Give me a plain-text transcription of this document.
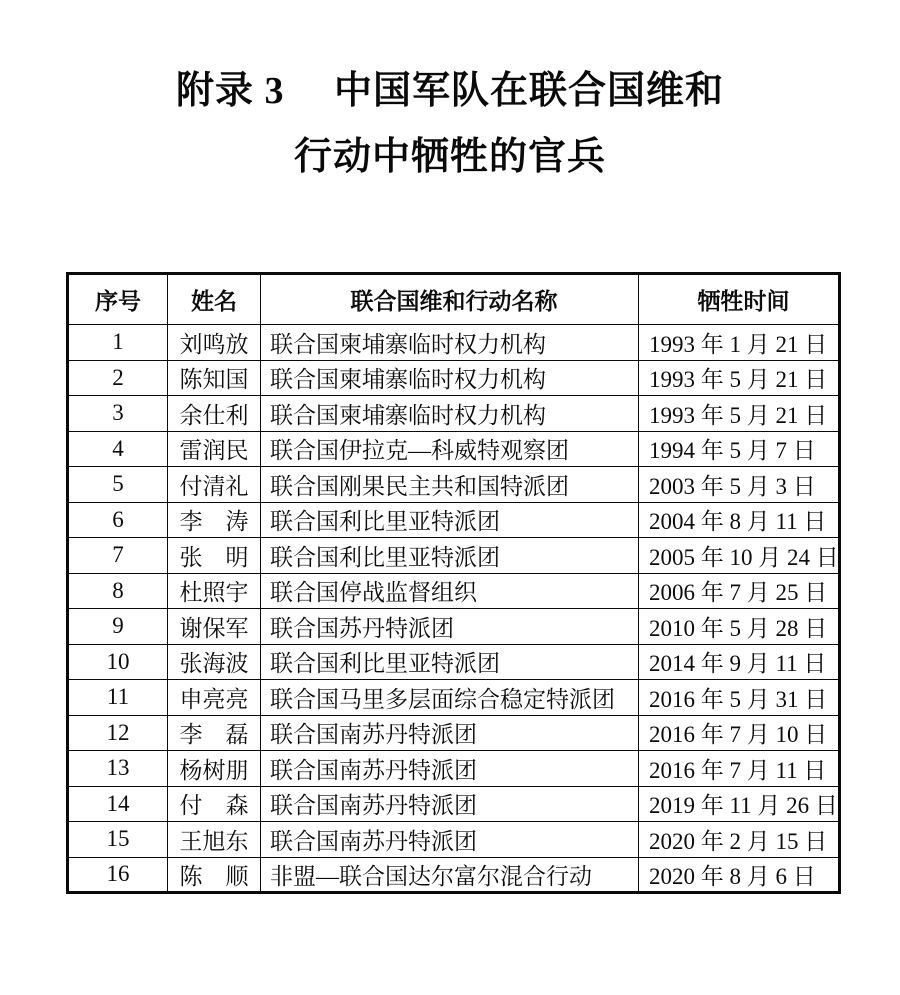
附录 3　 中国军队在联合国维和
行动中牺牲的官兵
序号	姓名	联合国维和行动名称	牺牲时间
1	刘鸣放	联合国柬埔寨临时权力机构	1993 年 1 月 21 日
2	陈知国	联合国柬埔寨临时权力机构	1993 年 5 月 21 日
3	余仕利	联合国柬埔寨临时权力机构	1993 年 5 月 21 日
4	雷润民	联合国伊拉克—科威特观察团	1994 年 5 月 7 日
5	付清礼	联合国刚果民主共和国特派团	2003 年 5 月 3 日
6	李　涛	联合国利比里亚特派团	2004 年 8 月 11 日
7	张　明	联合国利比里亚特派团	2005 年 10 月 24 日
8	杜照宇	联合国停战监督组织	2006 年 7 月 25 日
9	谢保军	联合国苏丹特派团	2010 年 5 月 28 日
10	张海波	联合国利比里亚特派团	2014 年 9 月 11 日
11	申亮亮	联合国马里多层面综合稳定特派团	2016 年 5 月 31 日
12	李　磊	联合国南苏丹特派团	2016 年 7 月 10 日
13	杨树朋	联合国南苏丹特派团	2016 年 7 月 11 日
14	付　森	联合国南苏丹特派团	2019 年 11 月 26 日
15	王旭东	联合国南苏丹特派团	2020 年 2 月 15 日
16	陈　顺	非盟—联合国达尔富尔混合行动	2020 年 8 月 6 日
